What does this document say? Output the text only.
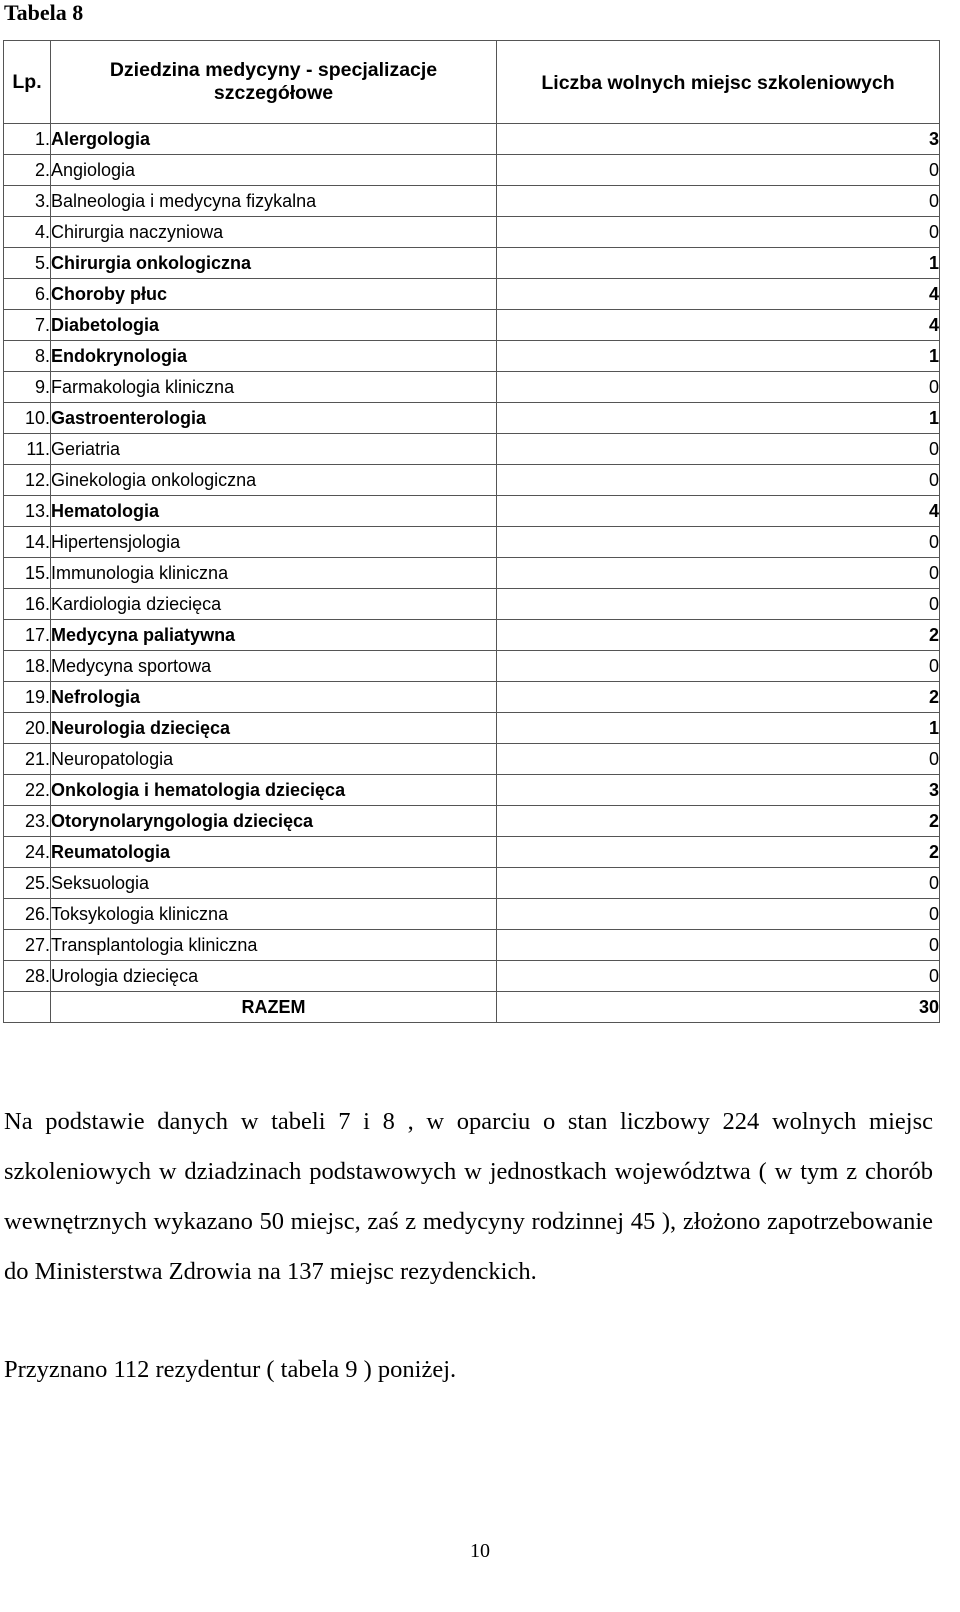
Tabela 8
Lp.	Dziedzina medycyny - specjalizacje szczegółowe	Liczba wolnych miejsc szkoleniowych
1.	Alergologia	3
2.	Angiologia	0
3.	Balneologia i medycyna fizykalna	0
4.	Chirurgia naczyniowa	0
5.	Chirurgia onkologiczna	1
6.	Choroby płuc	4
7.	Diabetologia	4
8.	Endokrynologia	1
9.	Farmakologia kliniczna	0
10.	Gastroenterologia	1
11.	Geriatria	0
12.	Ginekologia onkologiczna	0
13.	Hematologia	4
14.	Hipertensjologia	0
15.	Immunologia kliniczna	0
16.	Kardiologia dziecięca	0
17.	Medycyna paliatywna	2
18.	Medycyna sportowa	0
19.	Nefrologia	2
20.	Neurologia dziecięca	1
21.	Neuropatologia	0
22.	Onkologia i hematologia dziecięca	3
23.	Otorynolaryngologia dziecięca	2
24.	Reumatologia	2
25.	Seksuologia	0
26.	Toksykologia kliniczna	0
27.	Transplantologia kliniczna	0
28.	Urologia dziecięca	0
	RAZEM	30
Na podstawie danych w tabeli 7 i 8 , w oparciu o stan liczbowy 224 wolnych miejsc szkoleniowych w dziadzinach podstawowych w jednostkach województwa ( w tym z chorób wewnętrznych wykazano 50 miejsc, zaś z medycyny rodzinnej 45 ), złożono zapotrzebowanie do Ministerstwa Zdrowia na 137 miejsc rezydenckich.
Przyznano 112 rezydentur ( tabela 9 ) poniżej.
10
